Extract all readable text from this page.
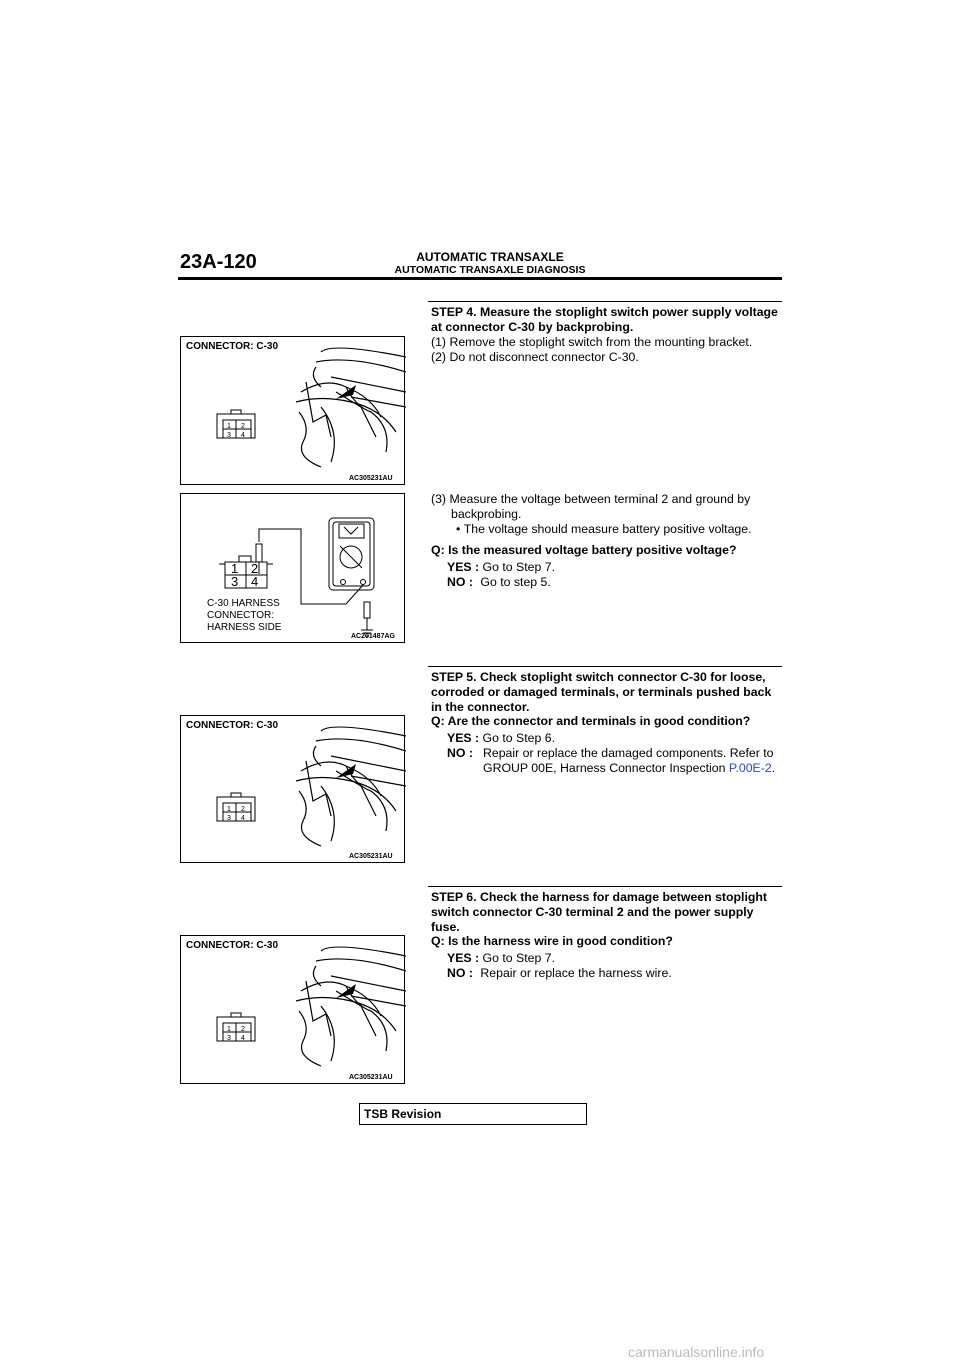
23A-120	AUTOMATIC TRANSAXLE
AUTOMATIC TRANSAXLE DIAGNOSIS
STEP 4. Measure the stoplight switch power supply voltage at connector C-30 by backprobing.
(1) Remove the stoplight switch from the mounting bracket.
(2) Do not disconnect connector C-30.
CONNECTOR: C-30
1 2
3 4
AC305231AU
1 2
3 4
C-30 HARNESS
CONNECTOR:
HARNESS SIDE
AC201487AG
(3) Measure the voltage between terminal 2 and ground by
backprobing.
• The voltage should measure battery positive voltage.
Q: Is the measured voltage battery positive voltage?
YES : Go to Step 7.
NO : Go to step 5.
STEP 5. Check stoplight switch connector C-30 for loose, corroded or damaged terminals, or terminals pushed back in the connector.
Q: Are the connector and terminals in good condition?
YES : Go to Step 6.
NO : Repair or replace the damaged components. Refer to GROUP 00E, Harness Connector Inspection P.00E-2.
CONNECTOR: C-30
1 2
3 4
AC305231AU
STEP 6. Check the harness for damage between stoplight switch connector C-30 terminal 2 and the power supply fuse.
Q: Is the harness wire in good condition?
YES : Go to Step 7.
NO : Repair or replace the harness wire.
CONNECTOR: C-30
1 2
3 4
AC305231AU
TSB Revision
carmanualsonline.info
